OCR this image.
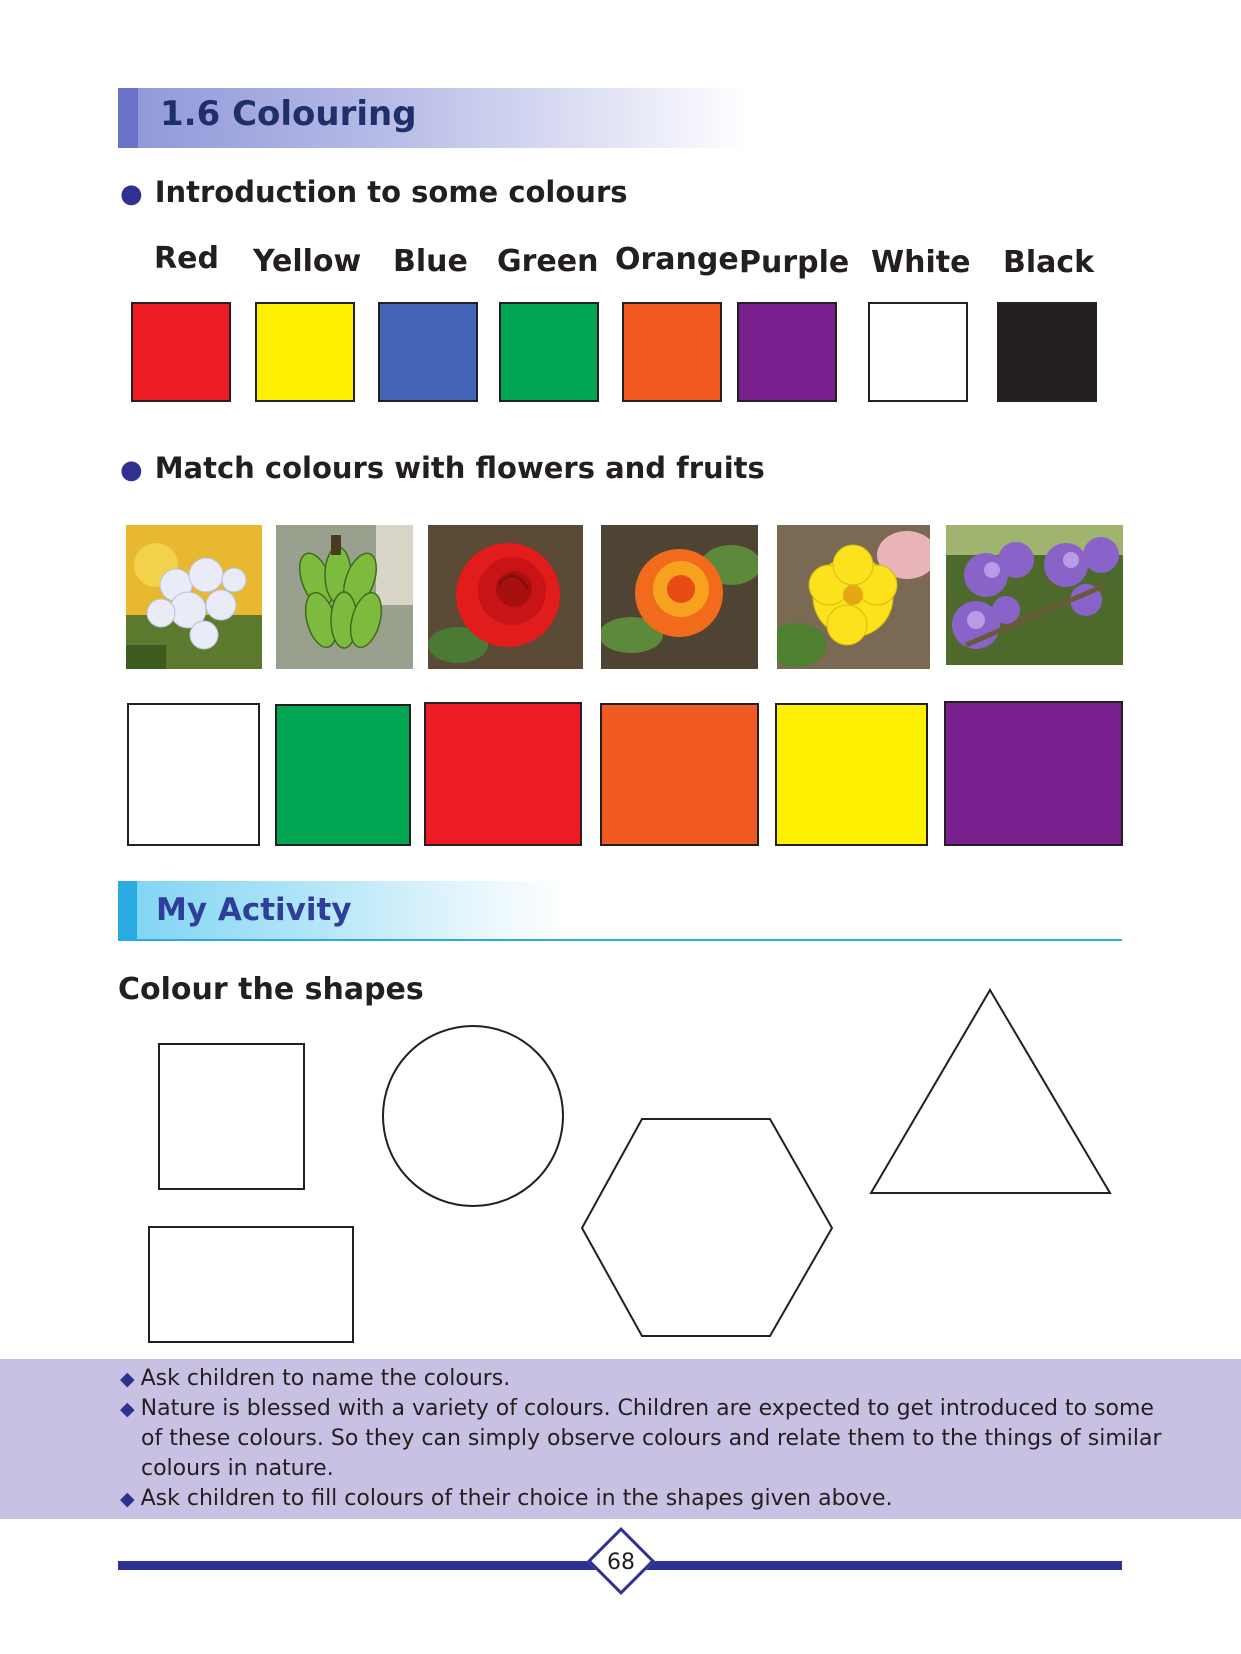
1.6 Colouring
● Introduction to some colours
Red Yellow Blue Green Orange Purple White Black
● Match colours with flowers and fruits
My Activity
Colour the shapes
◆ Ask children to name the colours.
◆ Nature is blessed with a variety of colours. Children are expected to get introduced to some
of these colours. So they can simply observe colours and relate them to the things of similar
colours in nature.
◆ Ask children to fill colours of their choice in the shapes given above.
68
